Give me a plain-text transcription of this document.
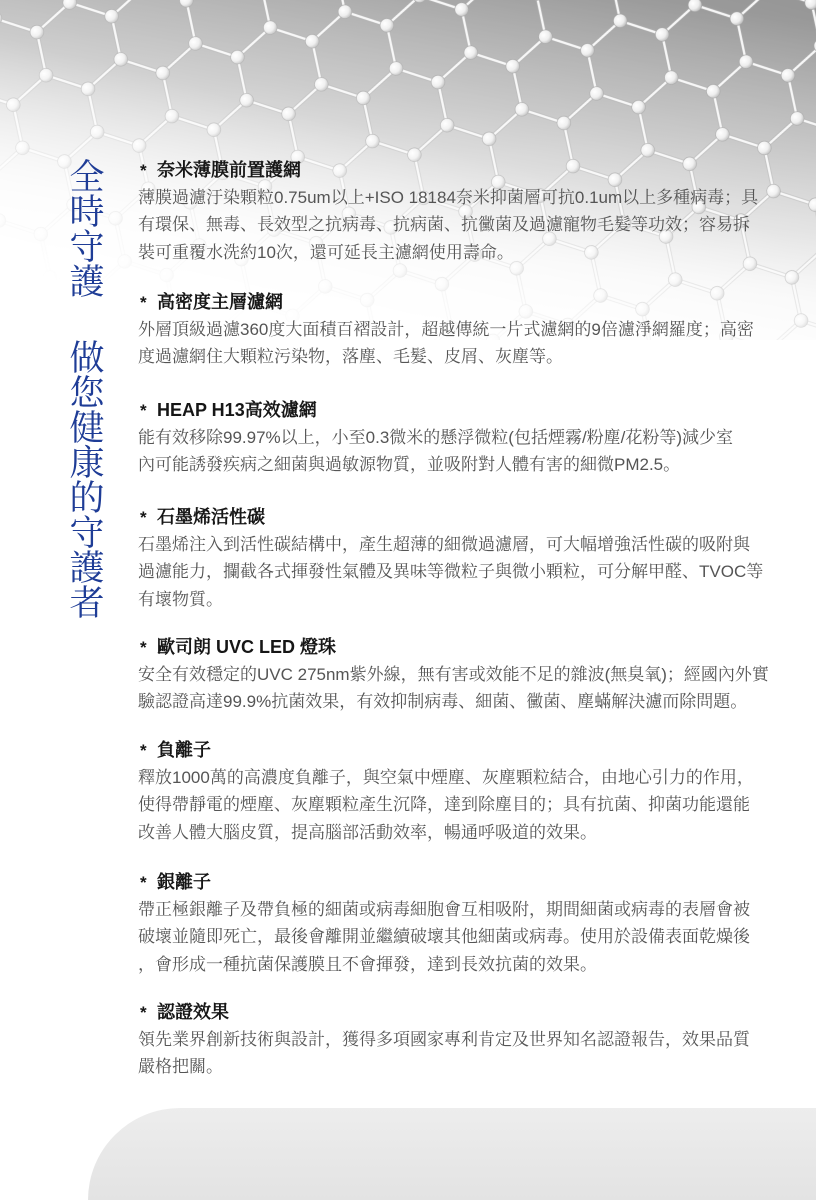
全時守護
做您健康的守護者
* 奈米薄膜前置護網
薄膜過濾汙染顆粒0.75um以上+ISO 18184奈米抑菌層可抗0.1um以上多種病毒；具
有環保、無毒、長效型之抗病毒、抗病菌、抗黴菌及過濾寵物毛髮等功效；容易拆
裝可重覆水洗約10次，還可延長主濾網使用壽命。
* 高密度主層濾網
外層頂級過濾360度大面積百褶設計，超越傳統一片式濾網的9倍濾淨網羅度；高密
度過濾網住大顆粒污染物，落塵、毛髮、皮屑、灰塵等。
* HEAP H13高效濾網
能有效移除99.97%以上，小至0.3微米的懸浮微粒(包括煙霧/粉塵/花粉等)減少室
內可能誘發疾病之細菌與過敏源物質，並吸附對人體有害的細微PM2.5。
* 石墨烯活性碳
石墨烯注入到活性碳結構中，產生超薄的細微過濾層，可大幅增強活性碳的吸附與
過濾能力，攔截各式揮發性氣體及異味等微粒子與微小顆粒，可分解甲醛、TVOC等
有壞物質。
* 歐司朗 UVC LED 燈珠
安全有效穩定的UVC 275nm紫外線，無有害或效能不足的雜波(無臭氧)；經國內外實
驗認證高達99.9%抗菌效果，有效抑制病毒、細菌、黴菌、塵蟎解決濾而除問題。
* 負離子
釋放1000萬的高濃度負離子，與空氣中煙塵、灰塵顆粒結合，由地心引力的作用，
使得帶靜電的煙塵、灰塵顆粒產生沉降，達到除塵目的；具有抗菌、抑菌功能還能
改善人體大腦皮質，提高腦部活動效率，暢通呼吸道的效果。
* 銀離子
帶正極銀離子及帶負極的細菌或病毒細胞會互相吸附，期間細菌或病毒的表層會被
破壞並隨即死亡，最後會離開並繼續破壞其他細菌或病毒。使用於設備表面乾燥後
，會形成一種抗菌保護膜且不會揮發，達到長效抗菌的效果。
* 認證效果
領先業界創新技術與設計，獲得多項國家專利肯定及世界知名認證報告，效果品質
嚴格把關。
